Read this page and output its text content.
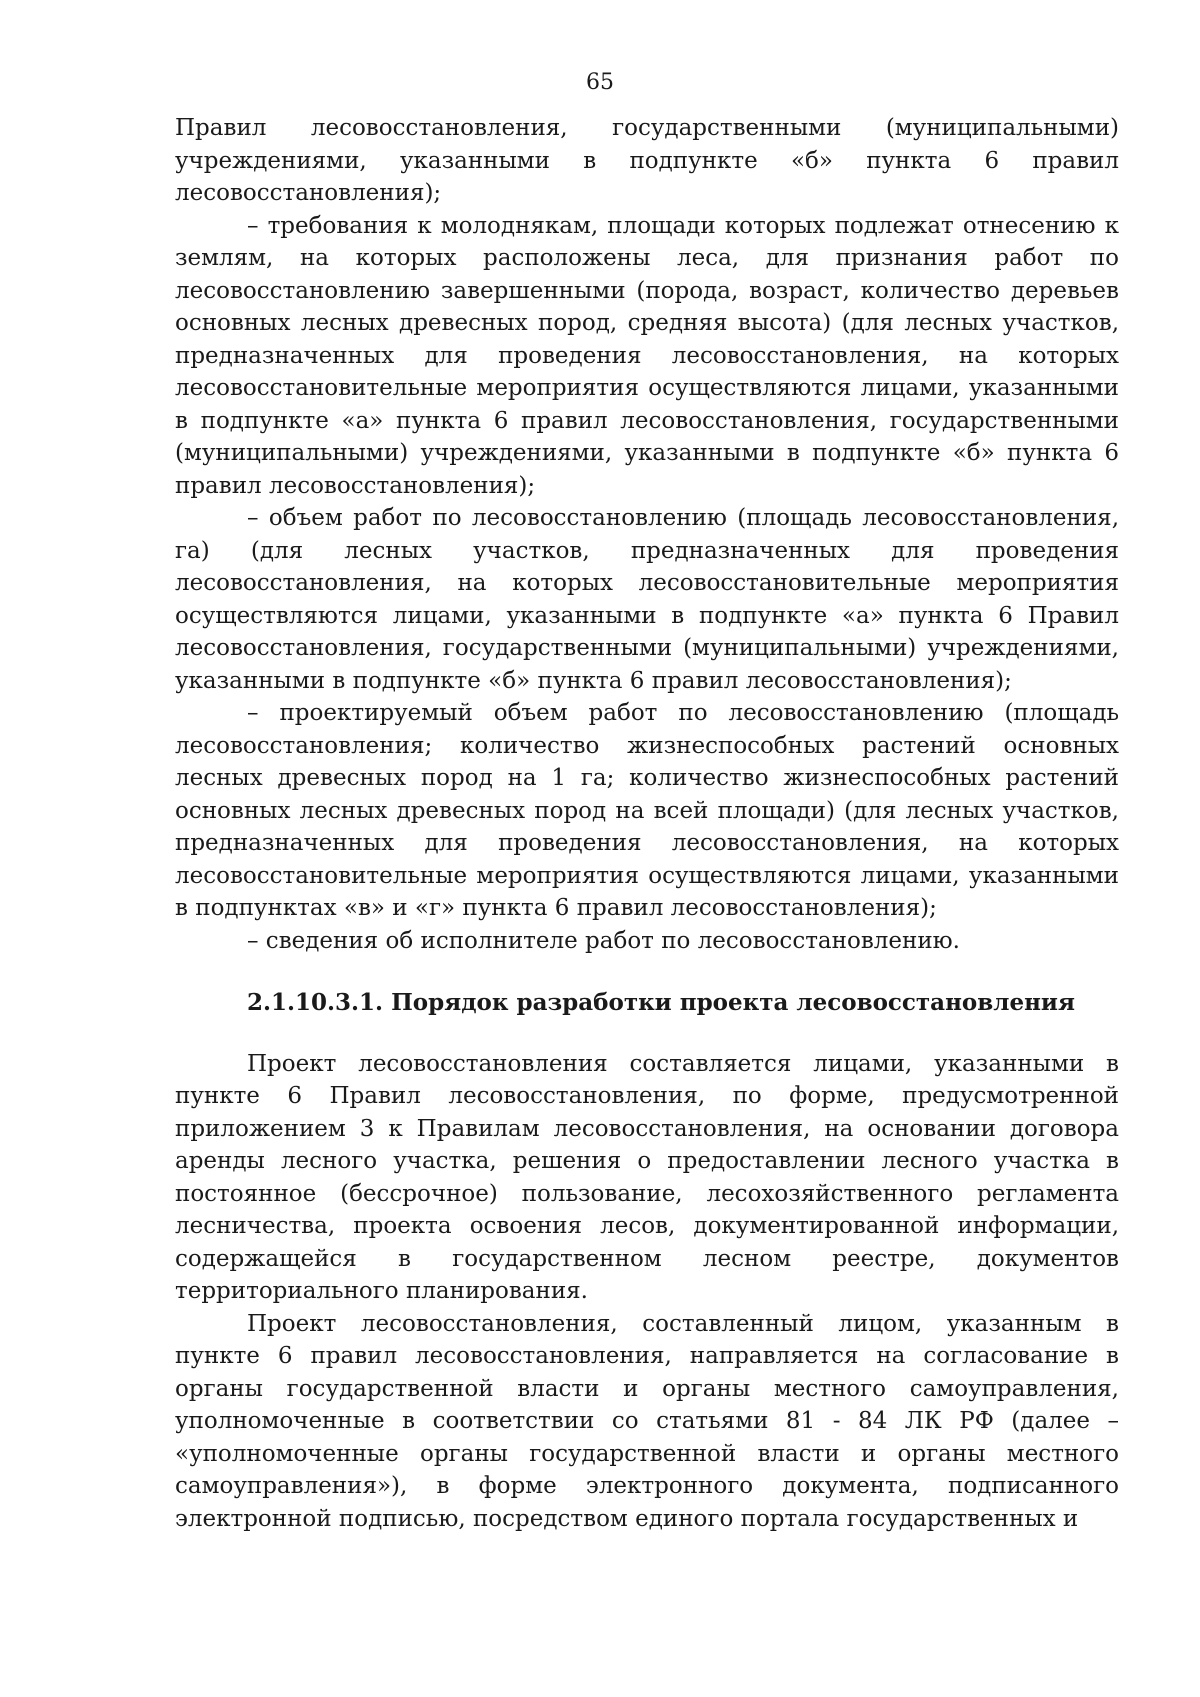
65

Правил лесовосстановления, государственными (муниципальными) учреждениями, указанными в подпункте «б» пункта 6 правил лесовосстановления);

– требования к молоднякам, площади которых подлежат отнесению к землям, на которых расположены леса, для признания работ по лесовосстановлению завершенными (порода, возраст, количество деревьев основных лесных древесных пород, средняя высота) (для лесных участков, предназначенных для проведения лесовосстановления, на которых лесовосстановительные мероприятия осуществляются лицами, указанными в подпункте «а» пункта 6 правил лесовосстановления, государственными (муниципальными) учреждениями, указанными в подпункте «б» пункта 6 правил лесовосстановления);

– объем работ по лесовосстановлению (площадь лесовосстановления, га) (для лесных участков, предназначенных для проведения лесовосстановления, на которых лесовосстановительные мероприятия осуществляются лицами, указанными в подпункте «а» пункта 6 Правил лесовосстановления, государственными (муниципальными) учреждениями, указанными в подпункте «б» пункта 6 правил лесовосстановления);

– проектируемый объем работ по лесовосстановлению (площадь лесовосстановления; количество жизнеспособных растений основных лесных древесных пород на 1 га; количество жизнеспособных растений основных лесных древесных пород на всей площади) (для лесных участков, предназначенных для проведения лесовосстановления, на которых лесовосстановительные мероприятия осуществляются лицами, указанными в подпунктах «в» и «г» пункта 6 правил лесовосстановления);

– сведения об исполнителе работ по лесовосстановлению.

2.1.10.3.1. Порядок разработки проекта лесовосстановления

Проект лесовосстановления составляется лицами, указанными в пункте 6 Правил лесовосстановления, по форме, предусмотренной приложением 3 к Правилам лесовосстановления, на основании договора аренды лесного участка, решения о предоставлении лесного участка в постоянное (бессрочное) пользование, лесохозяйственного регламента лесничества, проекта освоения лесов, документированной информации, содержащейся в государственном лесном реестре, документов территориального планирования.

Проект лесовосстановления, составленный лицом, указанным в пункте 6 правил лесовосстановления, направляется на согласование в органы государственной власти и органы местного самоуправления, уполномоченные в соответствии со статьями 81 - 84 ЛК РФ (далее – «уполномоченные органы государственной власти и органы местного самоуправления»), в форме электронного документа, подписанного электронной подписью, посредством единого портала государственных и
